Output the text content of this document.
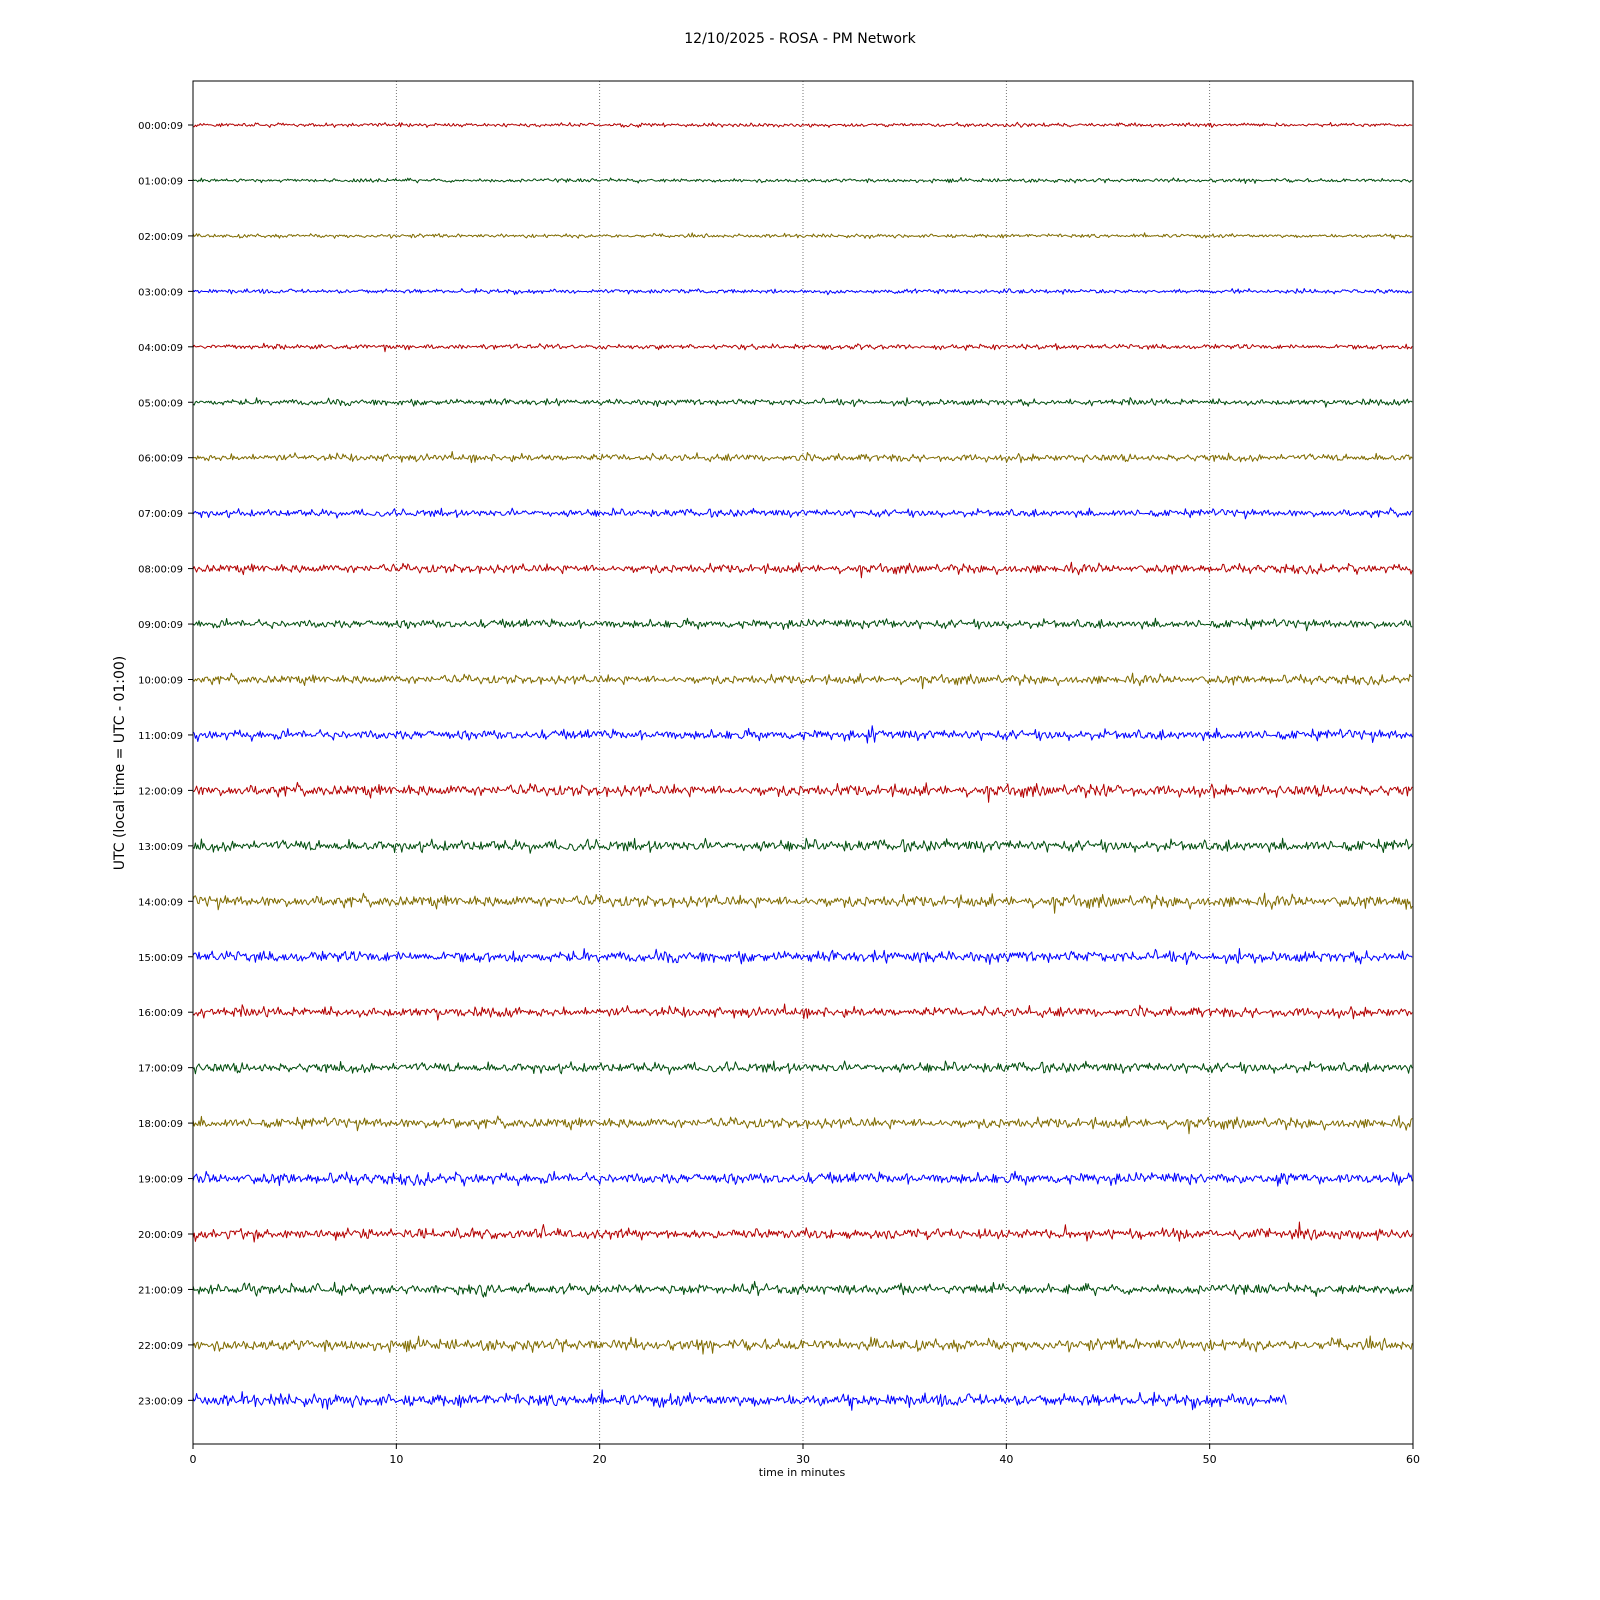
12/10/2025 - ROSA - PM Network
UTC (local time = UTC - 01:00)
time in minutes
00:00:09
01:00:09
02:00:09
03:00:09
04:00:09
05:00:09
06:00:09
07:00:09
08:00:09
09:00:09
10:00:09
11:00:09
12:00:09
13:00:09
14:00:09
15:00:09
16:00:09
17:00:09
18:00:09
19:00:09
20:00:09
21:00:09
22:00:09
23:00:09
0	10	20	30	40	50	60
